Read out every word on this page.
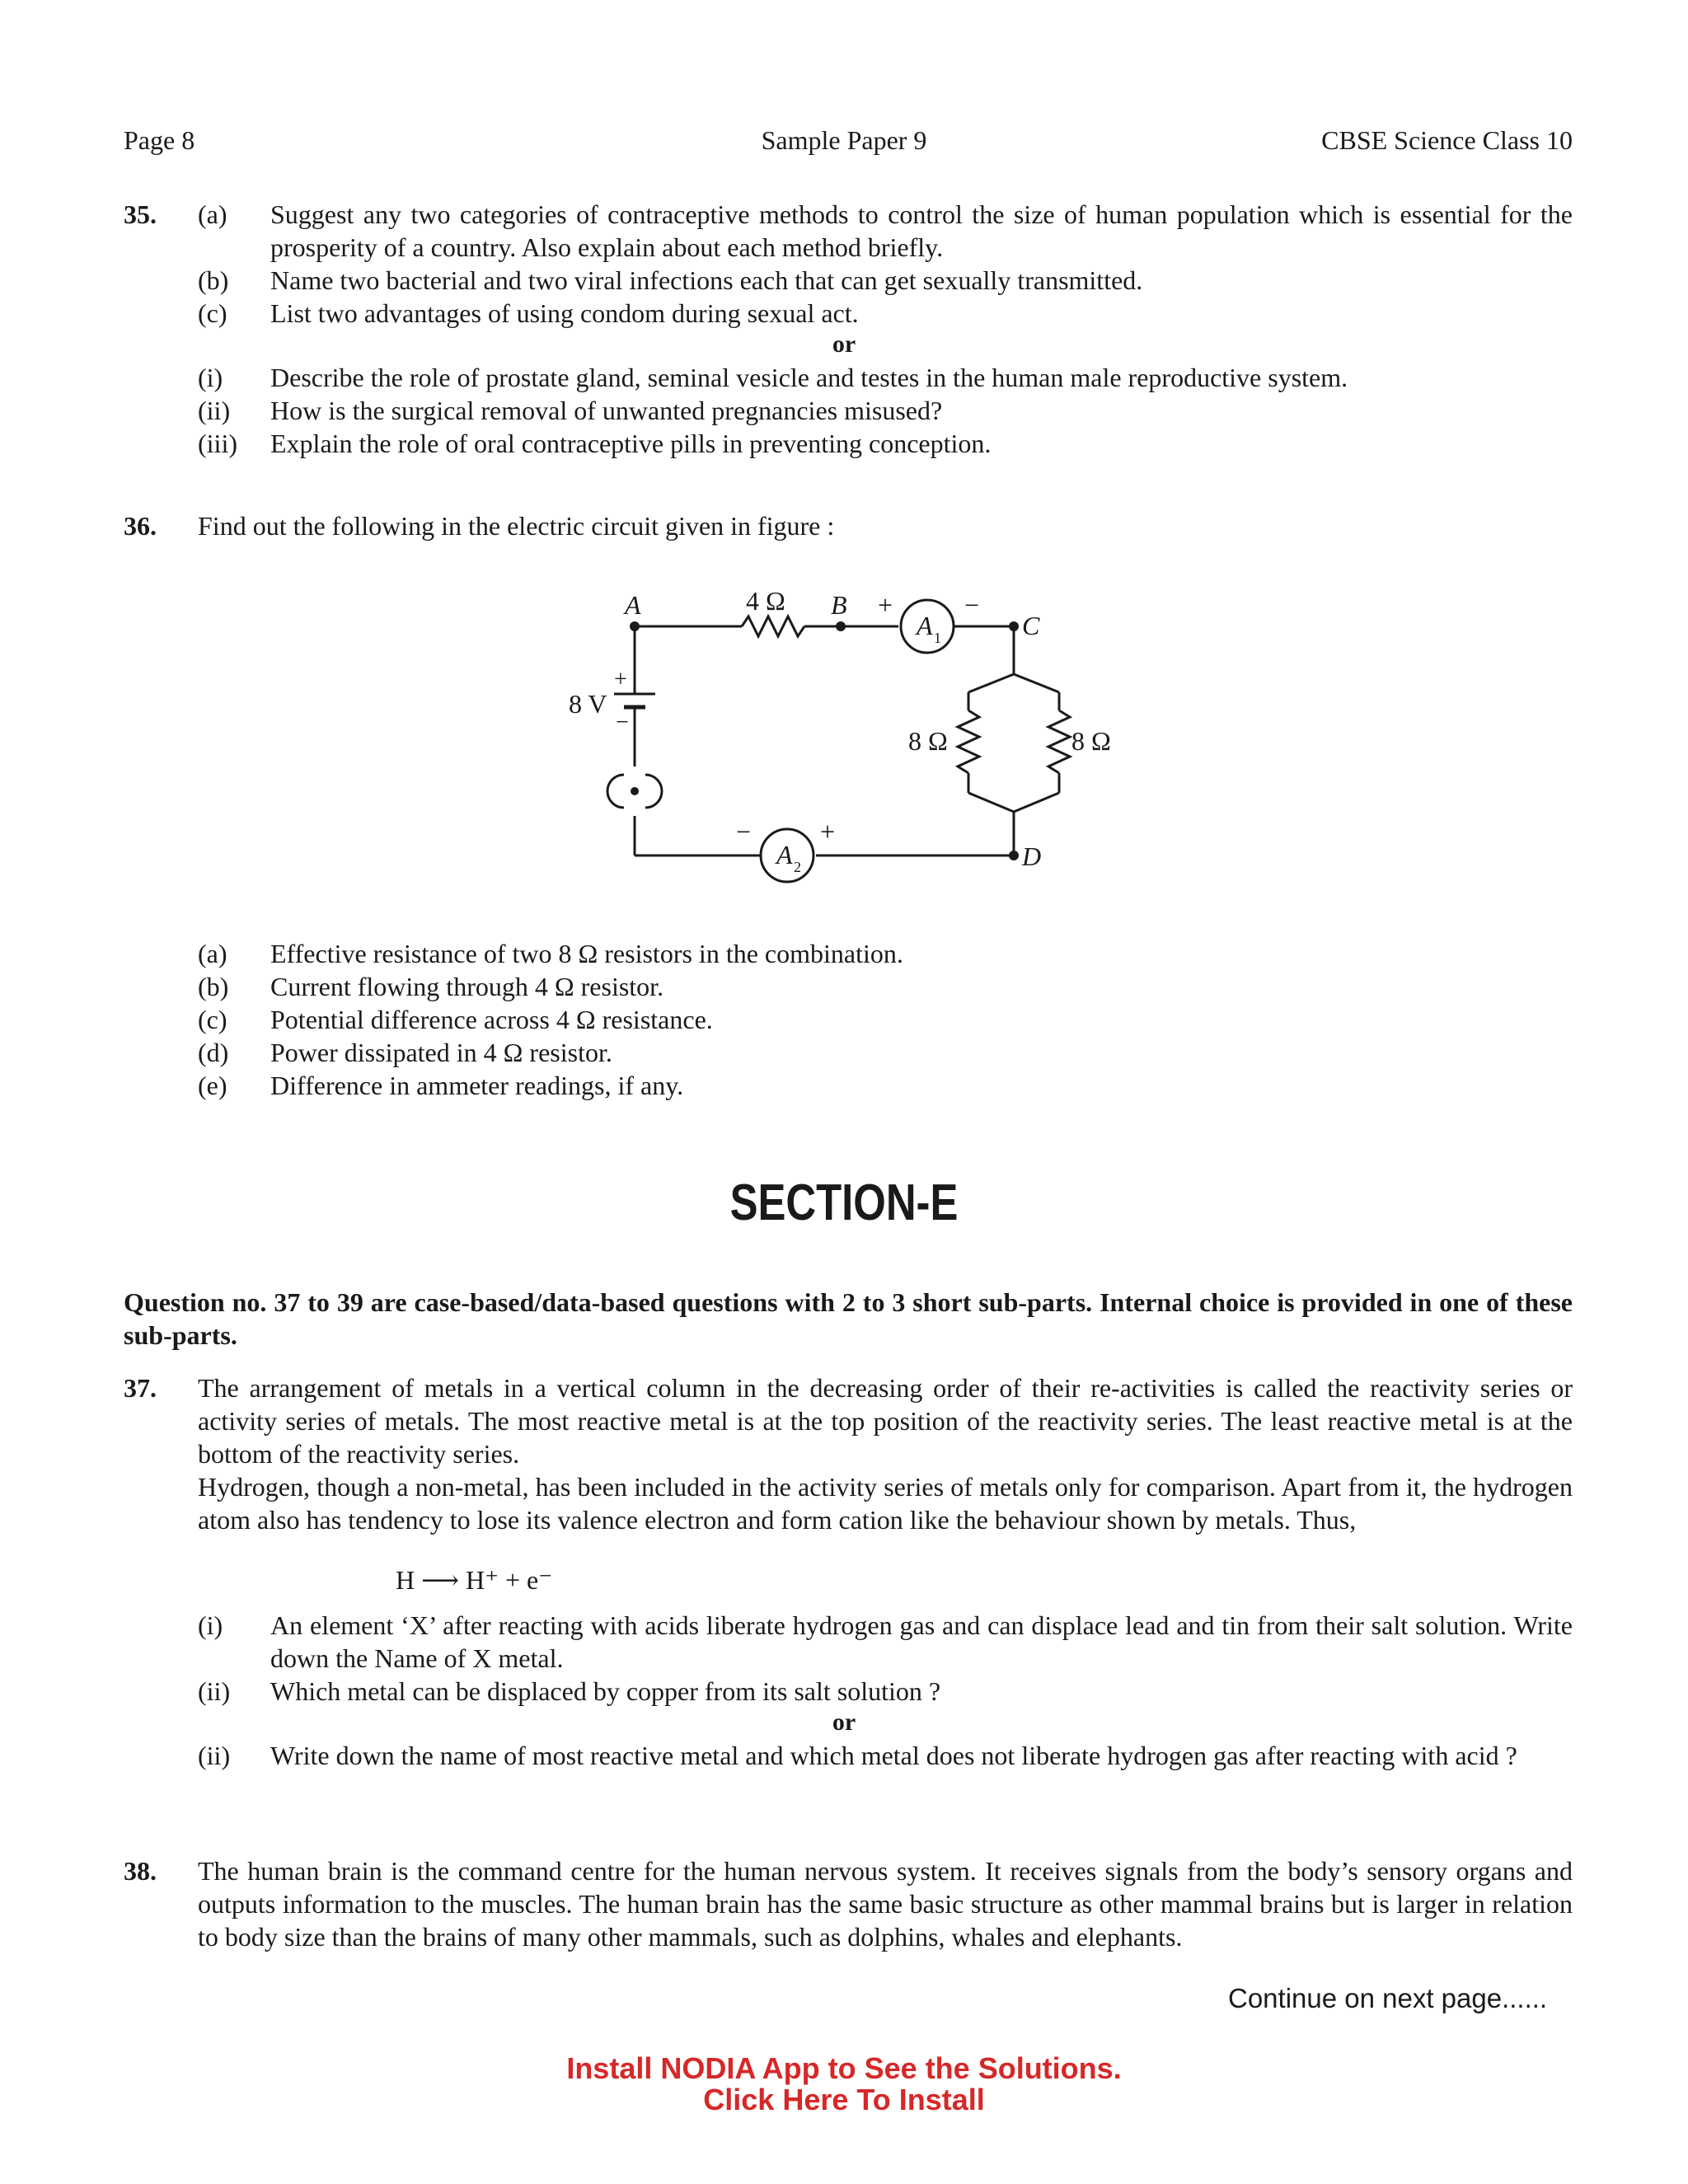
Page 8	Sample Paper 9	CBSE Science Class 10
35. (a)	Suggest any two categories of contraceptive methods to control the size of human population which is essential for the prosperity of a country. Also explain about each method briefly.
(b)	Name two bacterial and two viral infections each that can get sexually transmitted.
(c)	List two advantages of using condom during sexual act.
or
(i)	Describe the role of prostate gland, seminal vesicle and testes in the human male reproductive system.
(ii)	How is the surgical removal of unwanted pregnancies misused?
(iii)	Explain the role of oral contraceptive pills in preventing conception.
36. Find out the following in the electric circuit given in figure :
A	4 Ω B +	−
A 1	C
8 V
+
−
8 Ω	8 Ω
−	+
A 2	D
(a)	Effective resistance of two 8 Ω resistors in the combination.
(b)	Current flowing through 4 Ω resistor.
(c)	Potential difference across 4 Ω resistance.
(d)	Power dissipated in 4 Ω resistor.
(e)	Difference in ammeter readings, if any.
SECTION-E
Question no. 37 to 39 are case-based/data-based questions with 2 to 3 short sub-parts. Internal choice is provided in one of these sub-parts.
37. The arrangement of metals in a vertical column in the decreasing order of their re-activities is called the reactivity series or activity series of metals. The most reactive metal is at the top position of the reactivity series. The least reactive metal is at the bottom of the reactivity series.
Hydrogen, though a non-metal, has been included in the activity series of metals only for comparison. Apart from it, the hydrogen atom also has tendency to lose its valence electron and form cation like the behaviour shown by metals. Thus,
H ⟶ H⁺ + e⁻
(i)	An element ‘X’ after reacting with acids liberate hydrogen gas and can displace lead and tin from their salt solution. Write down the Name of X metal.
(ii)	Which metal can be displaced by copper from its salt solution ?
or
(ii)	Write down the name of most reactive metal and which metal does not liberate hydrogen gas after reacting with acid ?
38. The human brain is the command centre for the human nervous system. It receives signals from the body’s sensory organs and outputs information to the muscles. The human brain has the same basic structure as other mammal brains but is larger in relation to body size than the brains of many other mammals, such as dolphins, whales and elephants.
Continue on next page......
Install NODIA App to See the Solutions.
Click Here To Install
